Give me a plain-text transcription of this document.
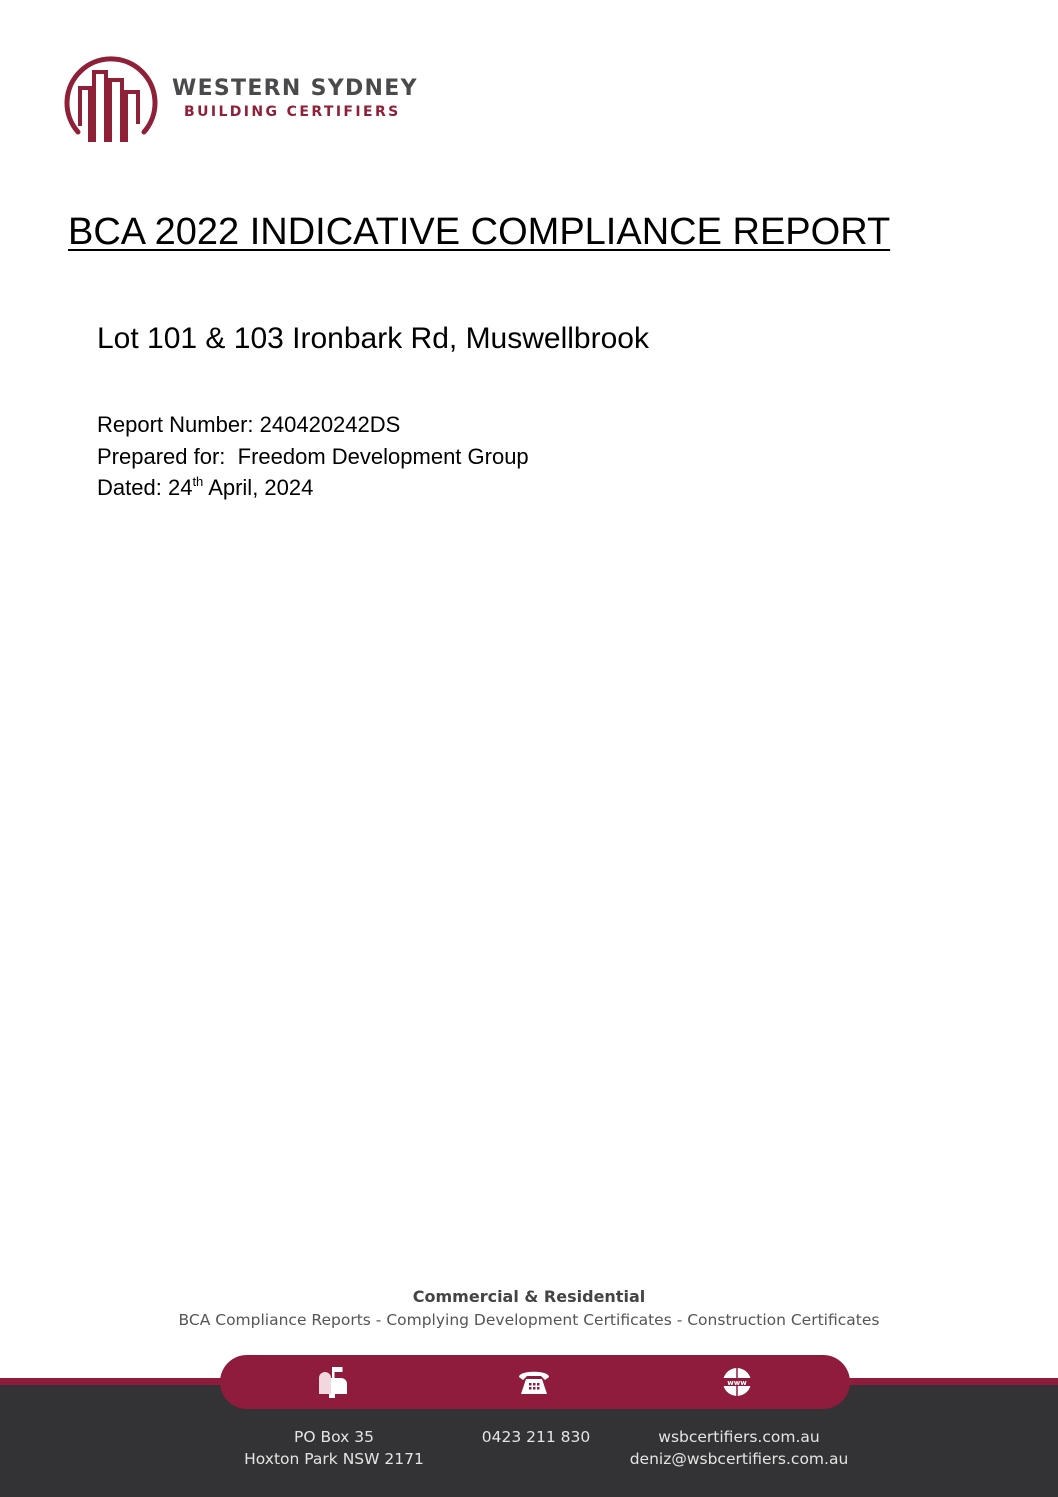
WESTERN SYDNEY
BUILDING CERTIFIERS
BCA 2022 INDICATIVE COMPLIANCE REPORT
Lot 101 & 103 Ironbark Rd, Muswellbrook
Report Number: 240420242DS
Prepared for: Freedom Development Group
Dated: 24th April, 2024
Commercial & Residential
BCA Compliance Reports - Complying Development Certificates - Construction Certificates
www
PO Box 35
Hoxton Park NSW 2171
0423 211 830	wsbcertifiers.com.au
deniz@wsbcertifiers.com.au
